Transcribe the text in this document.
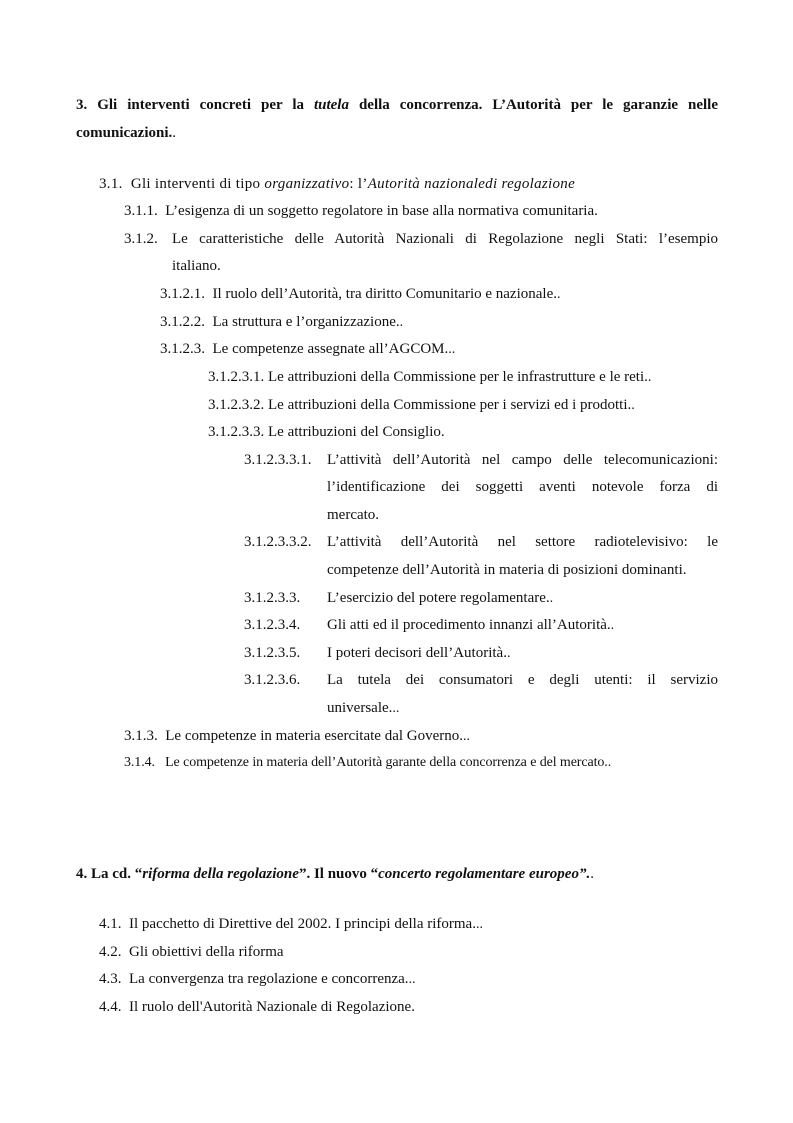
3. Gli interventi concreti per la tutela della concorrenza. L’Autorità per le garanzie nelle
comunicazioni..
3.1. Gli interventi di tipo organizzativo: l’Autorità nazionaledi regolazione
3.1.1. L’esigenza di un soggetto regolatore in base alla normativa comunitaria.
3.1.2. Le caratteristiche delle Autorità Nazionali di Regolazione negli Stati: l’esempio
italiano.
3.1.2.1. Il ruolo dell’Autorità, tra diritto Comunitario e nazionale..
3.1.2.2. La struttura e l’organizzazione..
3.1.2.3. Le competenze assegnate all’AGCOM...
3.1.2.3.1. Le attribuzioni della Commissione per le infrastrutture e le reti..
3.1.2.3.2. Le attribuzioni della Commissione per i servizi ed i prodotti..
3.1.2.3.3. Le attribuzioni del Consiglio.
3.1.2.3.3.1. L’attività dell’Autorità nel campo delle telecomunicazioni:
l’identificazione dei soggetti aventi notevole forza di
mercato.
3.1.2.3.3.2. L’attività dell’Autorità nel settore radiotelevisivo: le
competenze dell’Autorità in materia di posizioni dominanti.
3.1.2.3.3. L’esercizio del potere regolamentare..
3.1.2.3.4. Gli atti ed il procedimento innanzi all’Autorità..
3.1.2.3.5. I poteri decisori dell’Autorità..
3.1.2.3.6. La tutela dei consumatori e degli utenti: il servizio
universale...
3.1.3. Le competenze in materia esercitate dal Governo...
3.1.4. Le competenze in materia dell’Autorità garante della concorrenza e del mercato..
4. La cd. “riforma della regolazione”. Il nuovo “concerto regolamentare europeo”..
4.1. Il pacchetto di Direttive del 2002. I principi della riforma...
4.2. Gli obiettivi della riforma
4.3. La convergenza tra regolazione e concorrenza...
4.4. Il ruolo dell'Autorità Nazionale di Regolazione.
